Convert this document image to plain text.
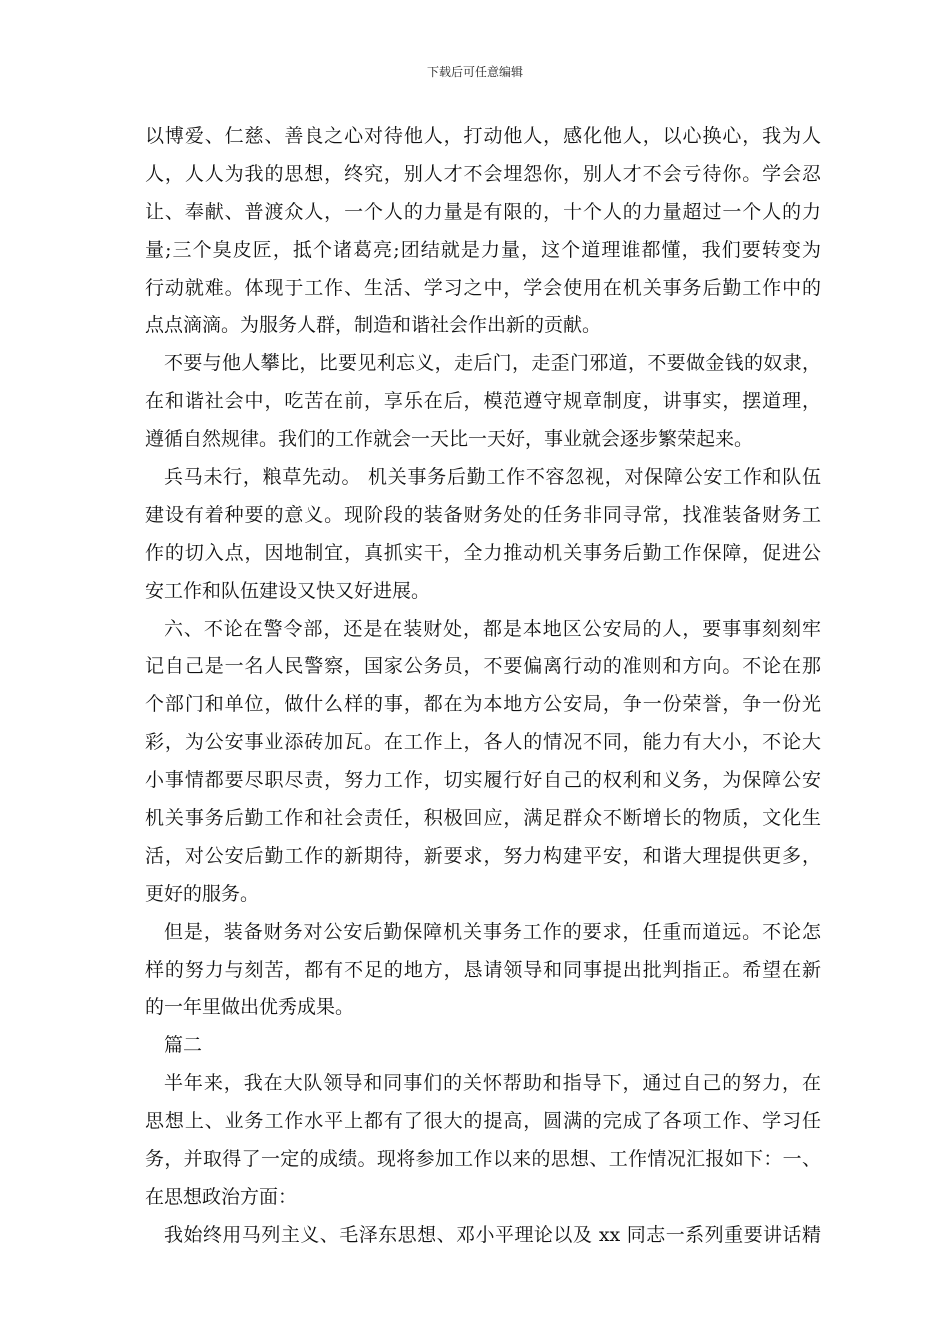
下载后可任意编辑
以博爱、仁慈、善良之心对待他人，打动他人，感化他人，以心换心，我为人
人，人人为我的思想，终究，别人才不会埋怨你，别人才不会亏待你。学会忍
让、奉献、普渡众人，一个人的力量是有限的，十个人的力量超过一个人的力
量;三个臭皮匠，抵个诸葛亮;团结就是力量，这个道理谁都懂，我们要转变为
行动就难。体现于工作、生活、学习之中，学会使用在机关事务后勤工作中的
点点滴滴。为服务人群，制造和谐社会作出新的贡献。
不要与他人攀比，比要见利忘义，走后门，走歪门邪道，不要做金钱的奴隶，
在和谐社会中，吃苦在前，享乐在后，模范遵守规章制度，讲事实，摆道理，
遵循自然规律。我们的工作就会一天比一天好，事业就会逐步繁荣起来。
兵马未行，粮草先动。 机关事务后勤工作不容忽视，对保障公安工作和队伍
建设有着种要的意义。现阶段的装备财务处的任务非同寻常，找准装备财务工
作的切入点，因地制宜，真抓实干，全力推动机关事务后勤工作保障，促进公
安工作和队伍建设又快又好进展。
六、不论在警令部，还是在装财处，都是本地区公安局的人，要事事刻刻牢
记自己是一名人民警察，国家公务员，不要偏离行动的准则和方向。不论在那
个部门和单位，做什么样的事，都在为本地方公安局，争一份荣誉，争一份光
彩，为公安事业添砖加瓦。在工作上，各人的情况不同，能力有大小，不论大
小事情都要尽职尽责，努力工作，切实履行好自己的权利和义务，为保障公安
机关事务后勤工作和社会责任，积极回应，满足群众不断增长的物质，文化生
活，对公安后勤工作的新期待，新要求，努力构建平安，和谐大理提供更多，
更好的服务。
但是，装备财务对公安后勤保障机关事务工作的要求，任重而道远。不论怎
样的努力与刻苦，都有不足的地方，恳请领导和同事提出批判指正。希望在新
的一年里做出优秀成果。
篇二
半年来，我在大队领导和同事们的关怀帮助和指导下，通过自己的努力，在
思想上、业务工作水平上都有了很大的提高，圆满的完成了各项工作、学习任
务，并取得了一定的成绩。现将参加工作以来的思想、工作情况汇报如下：一、
在思想政治方面：
我始终用马列主义、毛泽东思想、邓小平理论以及 xx 同志一系列重要讲话精
